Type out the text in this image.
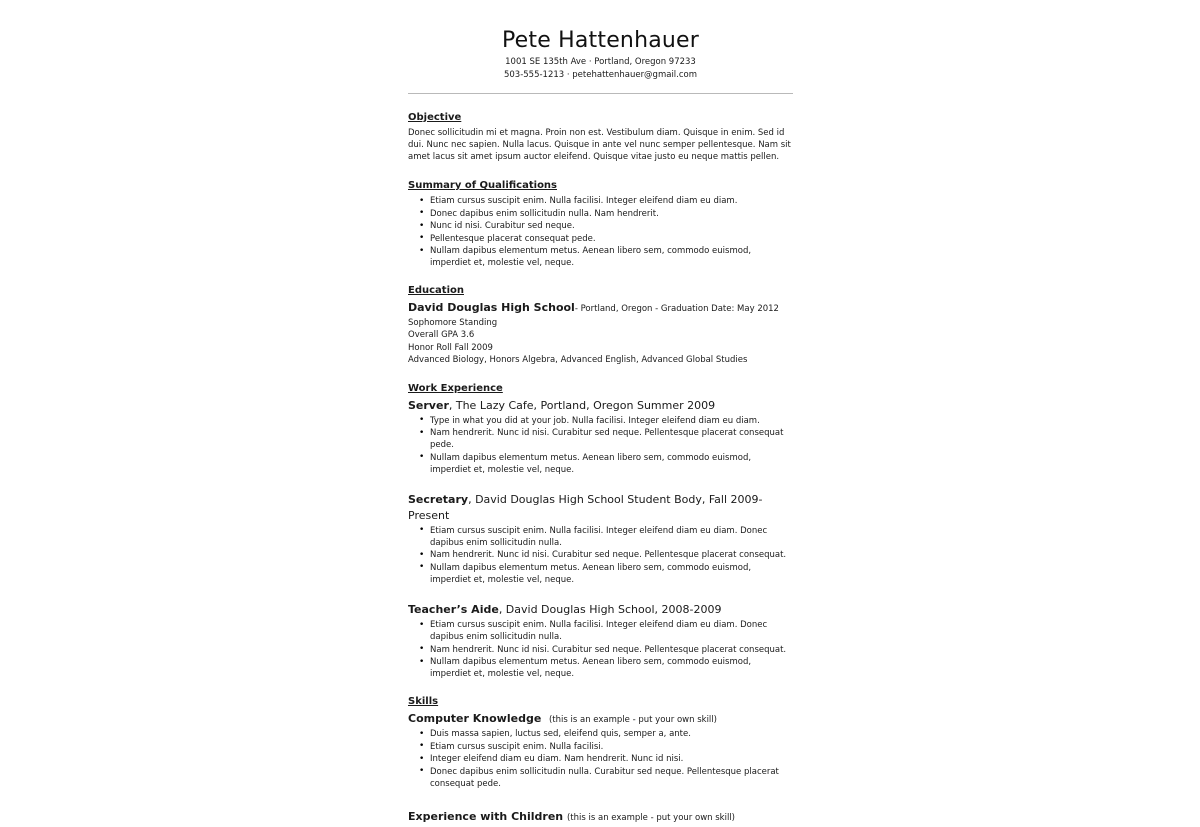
Pete Hattenhauer
1001 SE 135th Ave · Portland, Oregon 97233
503-555-1213 · petehattenhauer@gmail.com
Objective

Donec sollicitudin mi et magna. Proin non est. Vestibulum diam. Quisque in enim. Sed id dui. Nunc nec sapien. Nulla lacus. Quisque in ante vel nunc semper pellentesque. Nam sit amet lacus sit amet ipsum auctor eleifend. Quisque vitae justo eu neque mattis pellen.

Summary of Qualifications
• Etiam cursus suscipit enim. Nulla facilisi. Integer eleifend diam eu diam.
• Donec dapibus enim sollicitudin nulla. Nam hendrerit.
• Nunc id nisi. Curabitur sed neque.
• Pellentesque placerat consequat pede.
• Nullam dapibus elementum metus. Aenean libero sem, commodo euismod, imperdiet et, molestie vel, neque.
Education
David Douglas High School- Portland, Oregon - Graduation Date: May 2012

Sophomore Standing

Overall GPA 3.6

Honor Roll Fall 2009

Advanced Biology, Honors Algebra, Advanced English, Advanced Global Studies

Work Experience
Server, The Lazy Cafe, Portland, Oregon Summer 2009
• Type in what you did at your job. Nulla facilisi. Integer eleifend diam eu diam.
• Nam hendrerit. Nunc id nisi. Curabitur sed neque. Pellentesque placerat consequat pede.
• Nullam dapibus elementum metus. Aenean libero sem, commodo euismod, imperdiet et, molestie vel, neque.
Secretary, David Douglas High School Student Body, Fall 2009-Present
• Etiam cursus suscipit enim. Nulla facilisi. Integer eleifend diam eu diam. Donec dapibus enim sollicitudin nulla.
• Nam hendrerit. Nunc id nisi. Curabitur sed neque. Pellentesque placerat consequat.
• Nullam dapibus elementum metus. Aenean libero sem, commodo euismod, imperdiet et, molestie vel, neque.
Teacher’s Aide, David Douglas High School, 2008-2009
• Etiam cursus suscipit enim. Nulla facilisi. Integer eleifend diam eu diam. Donec dapibus enim sollicitudin nulla.
• Nam hendrerit. Nunc id nisi. Curabitur sed neque. Pellentesque placerat consequat.
• Nullam dapibus elementum metus. Aenean libero sem, commodo euismod, imperdiet et, molestie vel, neque.
Skills
Computer Knowledge (this is an example - put your own skill)
• Duis massa sapien, luctus sed, eleifend quis, semper a, ante.
• Etiam cursus suscipit enim. Nulla facilisi.
• Integer eleifend diam eu diam. Nam hendrerit. Nunc id nisi.
• Donec dapibus enim sollicitudin nulla. Curabitur sed neque. Pellentesque placerat consequat pede.
Experience with Children (this is an example - put your own skill)
